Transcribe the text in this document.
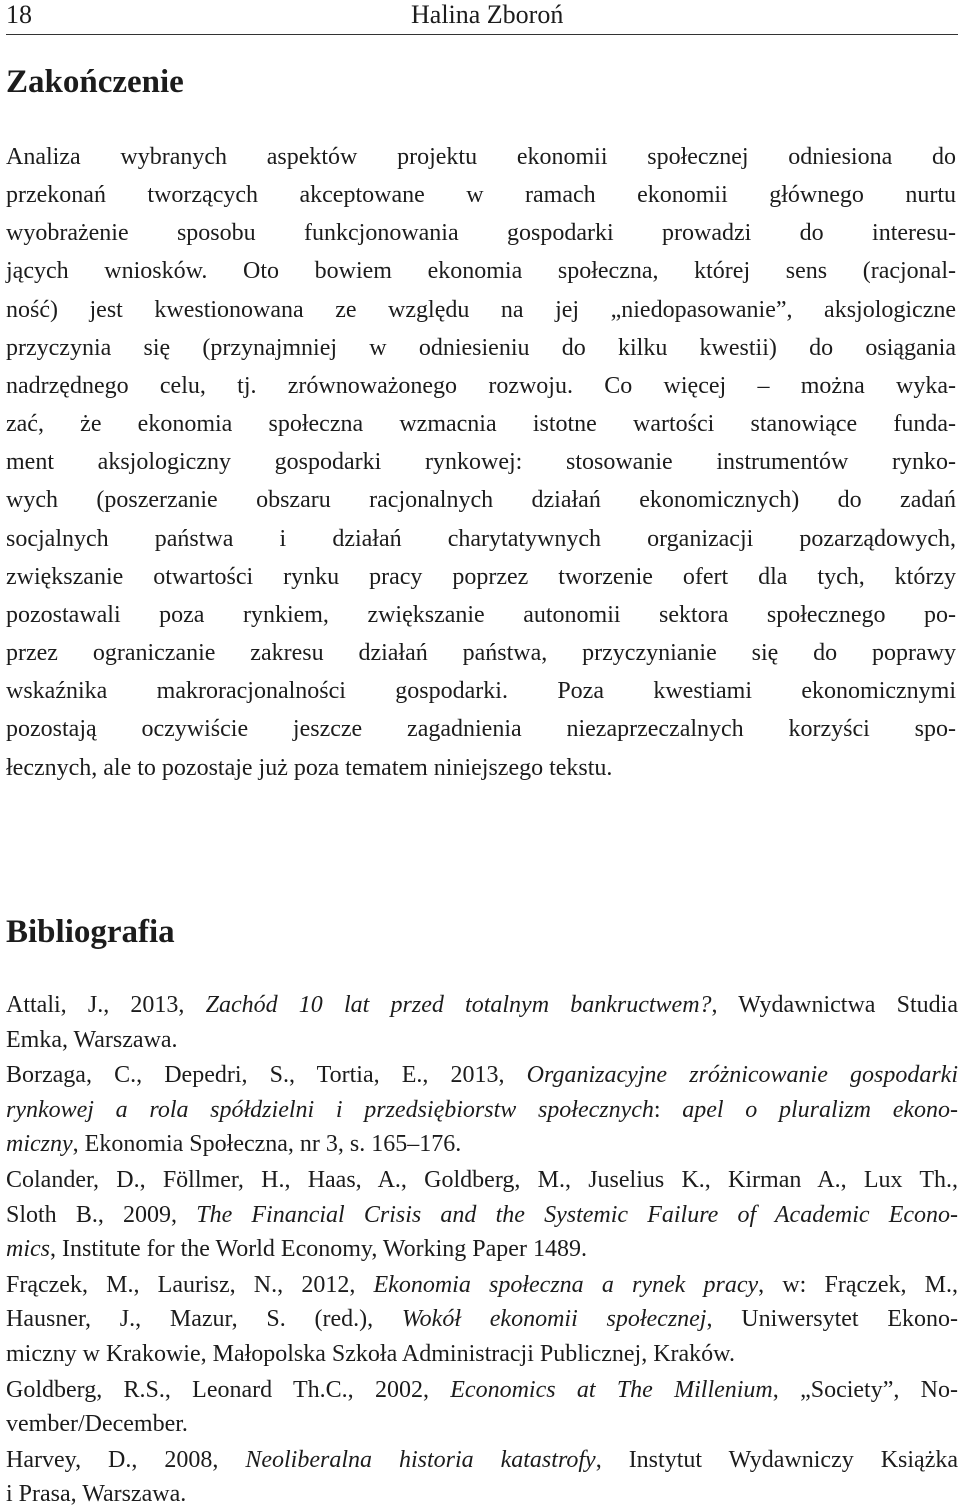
18	Halina Zboroń
Zakończenie

Analiza wybranych aspektów projektu ekonomii społecznej odniesiona do
przekonań tworzących akceptowane w ramach ekonomii głównego nurtu
wyobrażenie sposobu funkcjonowania gospodarki prowadzi do interesu-
jących wniosków. Oto bowiem ekonomia społeczna, której sens (racjonal-
ność) jest kwestionowana ze względu na jej „niedopasowanie”, aksjologiczne
przyczynia się (przynajmniej w odniesieniu do kilku kwestii) do osiągania
nadrzędnego celu, tj. zrównoważonego rozwoju. Co więcej – można wyka-
zać, że ekonomia społeczna wzmacnia istotne wartości stanowiące funda-
ment aksjologiczny gospodarki rynkowej: stosowanie instrumentów rynko-
wych (poszerzanie obszaru racjonalnych działań ekonomicznych) do zadań
socjalnych państwa i działań charytatywnych organizacji pozarządowych,
zwiększanie otwartości rynku pracy poprzez tworzenie ofert dla tych, którzy
pozostawali poza rynkiem, zwiększanie autonomii sektora społecznego po-
przez ograniczanie zakresu działań państwa, przyczynianie się do poprawy
wskaźnika makroracjonalności gospodarki. Poza kwestiami ekonomicznymi
pozostają oczywiście jeszcze zagadnienia niezaprzeczalnych korzyści spo-
łecznych, ale to pozostaje już poza tematem niniejszego tekstu.

Bibliografia
Attali, J., 2013, Zachód 10 lat przed totalnym bankructwem?, Wydawnictwa Studia
Emka, Warszawa.
Borzaga, C., Depedri, S., Tortia, E., 2013, Organizacyjne zróżnicowanie gospodarki
rynkowej a rola spółdzielni i przedsiębiorstw społecznych: apel o pluralizm ekono-
miczny, Ekonomia Społeczna, nr 3, s. 165–176.
Colander, D., Föllmer, H., Haas, A., Goldberg, M., Juselius K., Kirman A., Lux Th.,
Sloth B., 2009, The Financial Crisis and the Systemic Failure of Academic Econo-
mics, Institute for the World Economy, Working Paper 1489.
Frączek, M., Laurisz, N., 2012, Ekonomia społeczna a rynek pracy, w: Frączek, M.,
Hausner, J., Mazur, S. (red.), Wokół ekonomii społecznej, Uniwersytet Ekono-
miczny w Krakowie, Małopolska Szkoła Administracji Publicznej, Kraków.
Goldberg, R.S., Leonard Th.C., 2002, Economics at The Millenium, „Society”, No-
vember/December.
Harvey, D., 2008, Neoliberalna historia katastrofy, Instytut Wydawniczy Książka
i Prasa, Warszawa.
